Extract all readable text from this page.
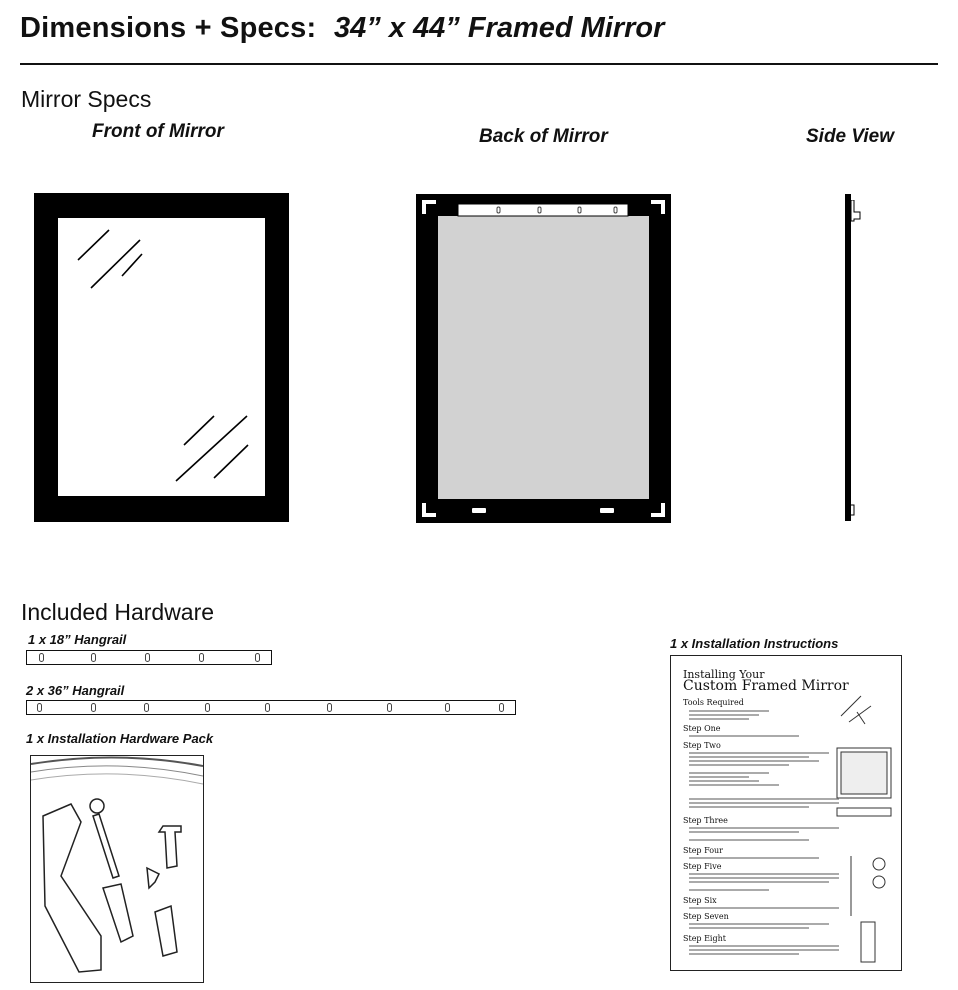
Dimensions + Specs: 34” x 44” Framed Mirror
Mirror Specs
Front of Mirror	Back of Mirror	Side View
Included Hardware
1 x 18” Hangrail
2 x 36” Hangrail
1 x Installation Hardware Pack
1 x Installation Instructions
Installing Your
Custom Framed Mirror
Tools Required
Step One
Step Two
Step Three
Step Four
Step Five
Step Six
Step Seven
Step Eight
